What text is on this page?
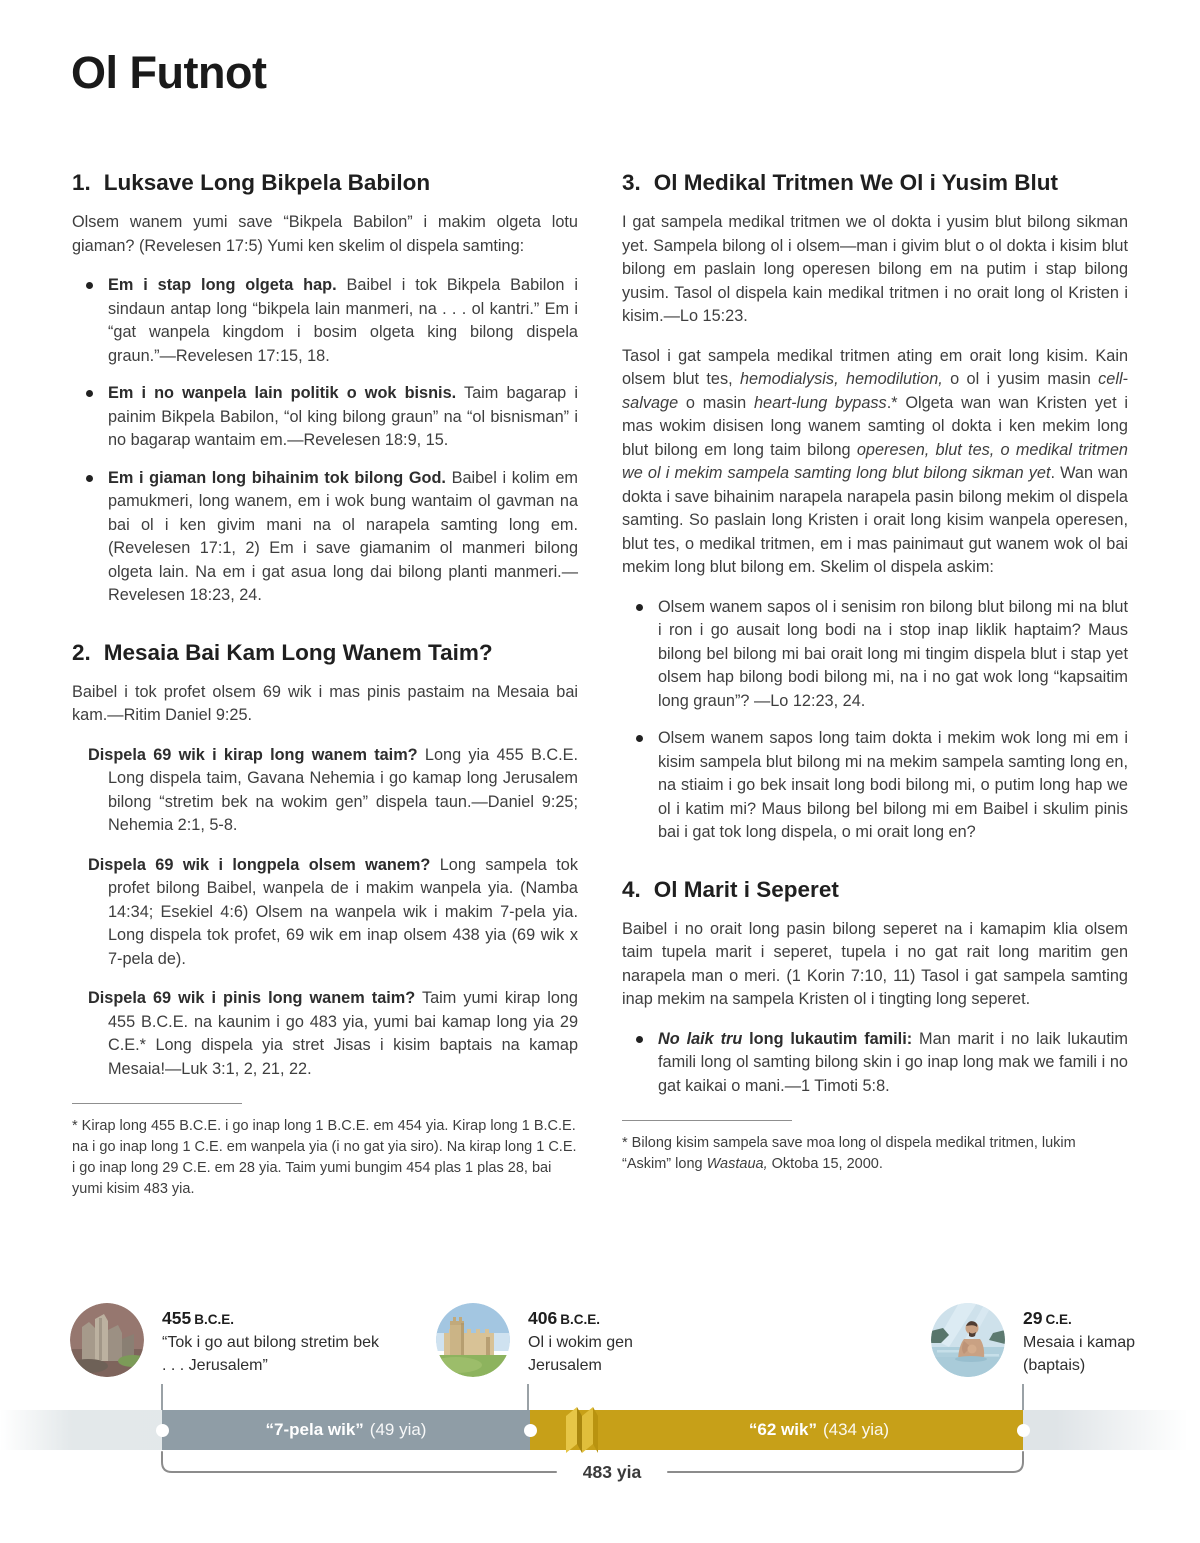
Ol Futnot
1. Luksave Long Bikpela Babilon
Olsem wanem yumi save “Bikpela Babilon” i makim olgeta lotu giaman? (Revelesen 17:5) Yumi ken skelim ol dispela samting:
Em i stap long olgeta hap. Baibel i tok Bikpela Babilon i sindaun antap long “bikpela lain manmeri, na . . . ol kantri.” Em i “gat wanpela kingdom i bosim olgeta king bilong dispela graun.”—Revelesen 17:15, 18.
Em i no wanpela lain politik o wok bisnis. Taim bagarap i painim Bikpela Babilon, “ol king bilong graun” na “ol bisnisman” i no bagarap wantaim em.—Revelesen 18:9, 15.
Em i giaman long bihainim tok bilong God. Baibel i kolim em pamukmeri, long wanem, em i wok bung wantaim ol gavman na bai ol i ken givim mani na ol narapela samting long em. (Revelesen 17:1, 2) Em i save giamanim ol manmeri bilong olgeta lain. Na em i gat asua long dai bilong planti manmeri.—Revelesen 18:23, 24.
2. Mesaia Bai Kam Long Wanem Taim?
Baibel i tok profet olsem 69 wik i mas pinis pastaim na Mesaia bai kam.—Ritim Daniel 9:25.
Dispela 69 wik i kirap long wanem taim? Long yia 455 B.C.E. Long dispela taim, Gavana Nehemia i go kamap long Jerusalem bilong “stretim bek na wokim gen” dispela taun.—Daniel 9:25; Nehemia 2:1, 5-8.
Dispela 69 wik i longpela olsem wanem? Long sampela tok profet bilong Baibel, wanpela de i makim wanpela yia. (Namba 14:34; Esekiel 4:6) Olsem na wanpela wik i makim 7-pela yia. Long dispela tok profet, 69 wik em inap olsem 438 yia (69 wik x 7-pela de).
Dispela 69 wik i pinis long wanem taim? Taim yumi kirap long 455 B.C.E. na kaunim i go 483 yia, yumi bai kamap long yia 29 C.E.* Long dispela yia stret Jisas i kisim baptais na kamap Mesaia!—Luk 3:1, 2, 21, 22.
* Kirap long 455 B.C.E. i go inap long 1 B.C.E. em 454 yia. Kirap long 1 B.C.E. na i go inap long 1 C.E. em wanpela yia (i no gat yia siro). Na kirap long 1 C.E. i go inap long 29 C.E. em 28 yia. Taim yumi bungim 454 plas 1 plas 28, bai yumi kisim 483 yia.
3. Ol Medikal Tritmen We Ol i Yusim Blut
I gat sampela medikal tritmen we ol dokta i yusim blut bilong sikman yet. Sampela bilong ol i olsem—man i givim blut o ol dokta i kisim blut bilong em paslain long operesen bilong em na putim i stap bilong yusim. Tasol ol dispela kain medikal tritmen i no orait long ol Kristen i kisim.—Lo 15:23.
Tasol i gat sampela medikal tritmen ating em orait long kisim. Kain olsem blut tes, hemodialysis, hemodilution, o ol i yusim masin cell-salvage o masin heart-lung bypass.* Olgeta wan wan Kristen yet i mas wokim disisen long wanem samting ol dokta i ken mekim long blut bilong em long taim bilong operesen, blut tes, o medikal tritmen we ol i mekim sampela samting long blut bilong sikman yet. Wan wan dokta i save bihainim narapela narapela pasin bilong mekim ol dispela samting. So paslain long Kristen i orait long kisim wanpela operesen, blut tes, o medikal tritmen, em i mas painimaut gut wanem wok ol bai mekim long blut bilong em. Skelim ol dispela askim:
Olsem wanem sapos ol i senisim ron bilong blut bilong mi na blut i ron i go ausait long bodi na i stop inap liklik haptaim? Maus bilong bel bilong mi bai orait long mi tingim dispela blut i stap yet olsem hap bilong bodi bilong mi, na i no gat wok long “kapsaitim long graun”? —Lo 12:23, 24.
Olsem wanem sapos long taim dokta i mekim wok long mi em i kisim sampela blut bilong mi na mekim sampela samting long en, na stiaim i go bek insait long bodi bilong mi, o putim long hap we ol i katim mi? Maus bilong bel bilong mi em Baibel i skulim pinis bai i gat tok long dispela, o mi orait long en?
4. Ol Marit i Seperet
Baibel i no orait long pasin bilong seperet na i kamapim klia olsem taim tupela marit i seperet, tupela i no gat rait long maritim gen narapela man o meri. (1 Korin 7:10, 11) Tasol i gat sampela samting inap mekim na sampela Kristen ol i tingting long seperet.
No laik tru long lukautim famili: Man marit i no laik lukautim famili long ol samting bilong skin i go inap long mak we famili i no gat kaikai o mani.—1 Timoti 5:8.
* Bilong kisim sampela save moa long ol dispela medikal tritmen, lukim “Askim” long Wastaua, Oktoba 15, 2000.
455 B.C.E.
“Tok i go aut bilong stretim bek
. . . Jerusalem”
406 B.C.E.
Ol i wokim gen
Jerusalem
29 C.E.
Mesaia i kamap
(baptais)
“7-pela wik” (49 yia)	“62 wik” (434 yia)
483 yia
